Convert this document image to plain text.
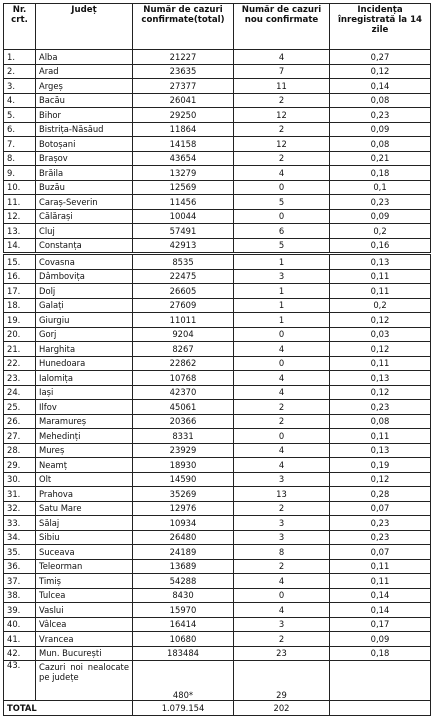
Nr. crt.	Județ	Număr de cazuri confirmate(total)	Număr de cazuri nou confirmate	Incidența înregistrată la 14 zile
1.	Alba	21227	4	0,27
2.	Arad	23635	7	0,12
3.	Argeș	27377	11	0,14
4.	Bacău	26041	2	0,08
5.	Bihor	29250	12	0,23
6.	Bistrița-Năsăud	11864	2	0,09
7.	Botoșani	14158	12	0,08
8.	Brașov	43654	2	0,21
9.	Brăila	13279	4	0,18
10.	Buzău	12569	0	0,1
11.	Caraș-Severin	11456	5	0,23
12.	Călărași	10044	0	0,09
13.	Cluj	57491	6	0,2
14.	Constanța	42913	5	0,16
15.	Covasna	8535	1	0,13
16.	Dâmbovița	22475	3	0,11
17.	Dolj	26605	1	0,11
18.	Galați	27609	1	0,2
19.	Giurgiu	11011	1	0,12
20.	Gorj	9204	0	0,03
21.	Harghita	8267	4	0,12
22.	Hunedoara	22862	0	0,11
23.	Ialomița	10768	4	0,13
24.	Iași	42370	4	0,12
25.	Ilfov	45061	2	0,23
26.	Maramureș	20366	2	0,08
27.	Mehedinți	8331	0	0,11
28.	Mureș	23929	4	0,13
29.	Neamț	18930	4	0,19
30.	Olt	14590	3	0,12
31.	Prahova	35269	13	0,28
32.	Satu Mare	12976	2	0,07
33.	Sălaj	10934	3	0,23
34.	Sibiu	26480	3	0,23
35.	Suceava	24189	8	0,07
36.	Teleorman	13689	2	0,11
37.	Timiș	54288	4	0,11
38.	Tulcea	8430	0	0,14
39.	Vaslui	15970	4	0,14
40.	Vâlcea	16414	3	0,17
41.	Vrancea	10680	2	0,09
42.	Mun. București	183484	23	0,18
43.	Cazuri noi nealocate pe județe	480*	29	
TOTAL		1.079.154	202	
